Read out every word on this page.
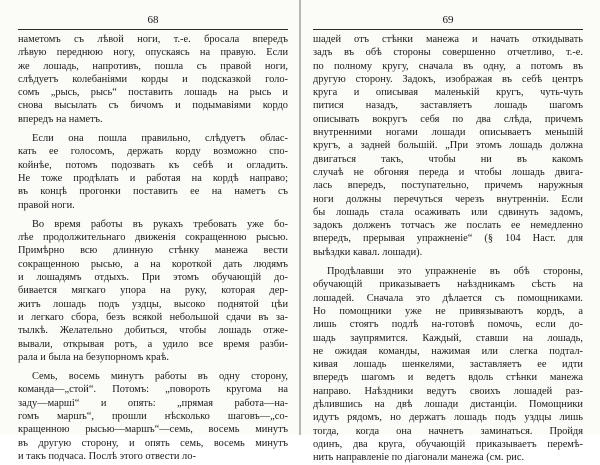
68
наметомъ съ лѣвой ноги, т.-е. бросала впередъ
лѣвую переднюю ногу, опускаясь на правую. Если
же лошадь, напротивъ, пошла съ правой ноги,
слѣдуетъ колебаніями корды и подсказкой голо-
сомъ „рысь, рысь“ поставить лошадь на рысь и
снова высылать съ бичомъ и подымавіями кордо
впередъ на наметъ.
Если она пошла правильно, слѣдуетъ облас-
кать ее голосомъ, держать корду возможно спо-
койнѣе, потомъ подозвать къ себѣ и огладить.
Не тоже продѣлать и работая на кордѣ направо;
въ концѣ прогонки поставить ее на наметъ съ
правой ноги.
Во время работы въ рукахъ требовать уже бо-
лѣе продолжительнаго движенія сокращенною рысью.
Примѣрно всю длинную стѣнку манежа вести
сокращенною рысью, а на короткой дать людямъ
и лошадямъ отдыхъ. При этомъ обучающій до-
бивается мягкаго упора на руку, которая дер-
житъ лошадь подъ уздцы, высоко поднятой цѣи
и легкаго сбора, безъ всякой небольшой сдачи въ за-
тылкѣ. Желательно добиться, чтобы лошадь отже-
вывали, открывая ротъ, а удило все время разби-
рала и была на безупорномъ краѣ.
Семь, восемь минутъ работы въ одну сторону,
команда—„стой“. Потомъ: „повороть кругома на
заду—марші“ и опять: „прямая работа—на-
гомъ маршъ“, прошли нѣсколько шаговъ—„со-
кращенною рысью—маршъ“—семь, восемь минутъ
въ другую сторону, и опять семь, восемь минутъ
и такъ подчаса. Послѣ этого отвести ло-
69
шадей отъ стѣнки манежа и начать откидывать
задъ въ обѣ стороны совершенно отчетливо, т.-е.
по полному кругу, сначала въ одну, а потомъ въ
другую сторону. Задокъ, изображая въ себѣ центръ
круга и описывая маленькій кругъ, чуть-чуть
питися назадъ, заставляетъ лошадь шагомъ
описывать вокругъ себя по два слѣда, причемъ
внутренними ногами лошади описываетъ меньшій
кругъ, а задней большій. „При этомъ лошадь должна
двигаться такъ, чтобы ни въ какомъ
случаѣ не обгоняя переда и чтобы лошадь двига-
лась впередъ, поступательно, причемъ наружныя
ноги должны перечуться черезъ внутренніи. Если
бы лошадь стала осаживать или сдвинуть задомъ,
задокъ долженъ тотчасъ же послать ее немедленно
впередъ, прерывая упражненіе“ (§ 104 Наст. для
выѣздки кавал. лошади).
Продѣлавши это упражненіе въ обѣ стороны,
обучающій приказываетъ наѣздникамъ сѣсть на
лошадей. Сначала это дѣлается съ помощниками.
Но помощники уже не привязываютъ кордъ, а
лишь стоятъ подлѣ на-готовѣ помочь, если до-
шадь заупрямится. Каждый, ставши на лошадь,
не ожидая команды, нажимая или слегка подтал-
кивая лошадь шенкелями, заставляетъ ее идти
впередъ шагомъ и ведетъ вдоль стѣнки манежа
направо. Наѣздники ведутъ своихъ лошадей раз-
дѣлившись на двѣ лошади дистанціи. Помощники
идутъ рядомъ, но держатъ лошадь подъ уздцы лишь
тогда, когда она начнетъ заминаться. Пройдя
одинъ, два круга, обучающій приказываетъ перемѣ-
нить направленіе по діагонали манежа (см. рис.
